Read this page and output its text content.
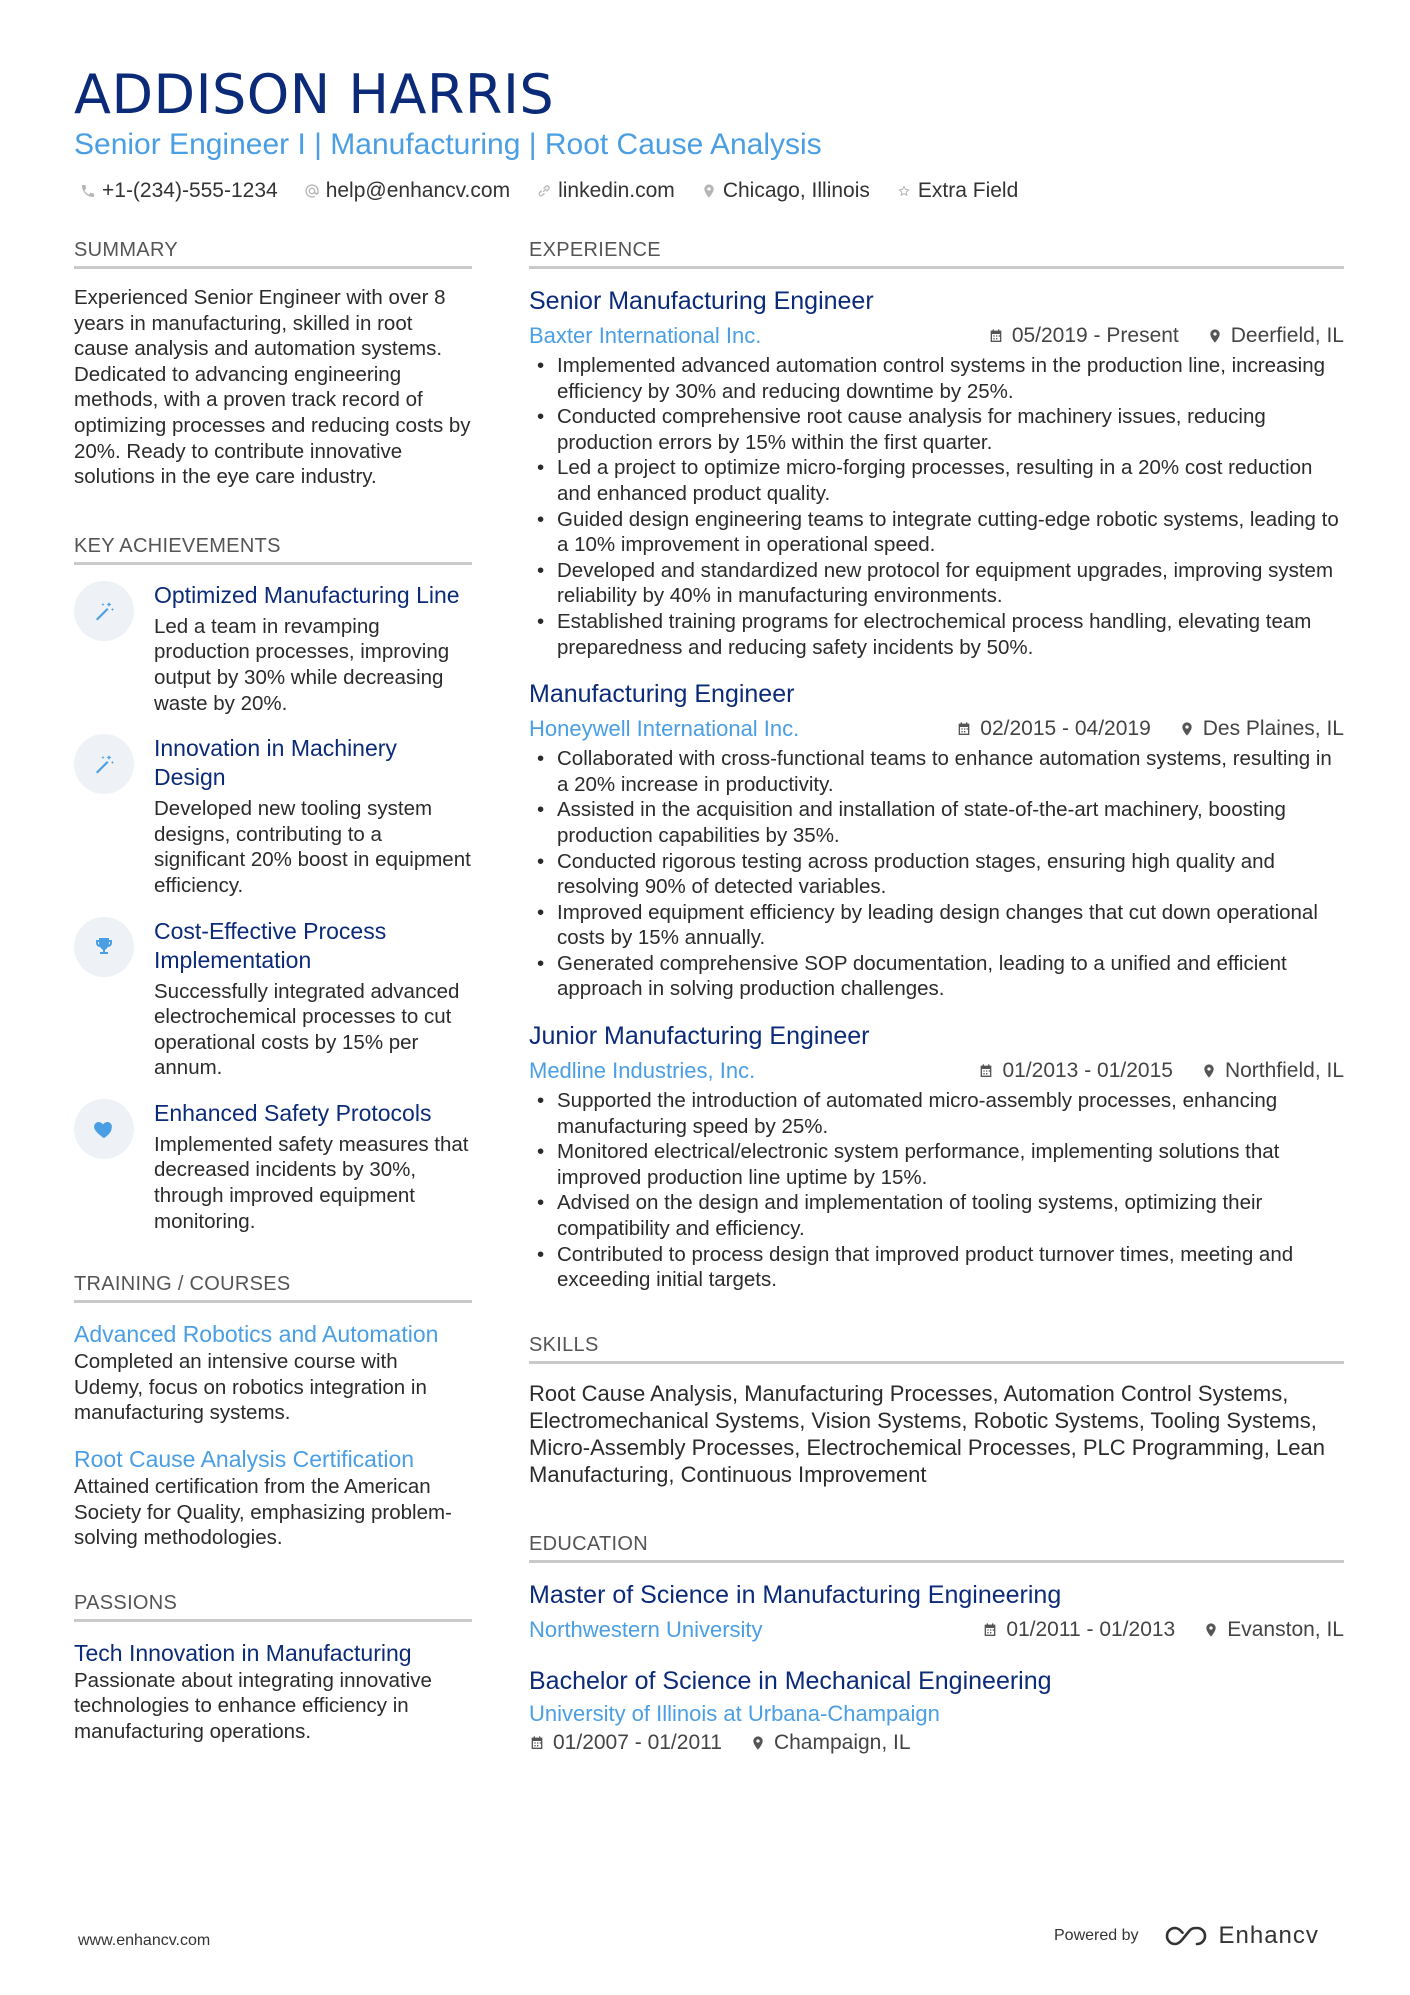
ADDISON HARRIS
Senior Engineer I | Manufacturing | Root Cause Analysis
+1-(234)-555-1234 help@enhancv.com linkedin.com Chicago, Illinois Extra Field
SUMMARY
Experienced Senior Engineer with over 8 years in manufacturing, skilled in root cause analysis and automation systems. Dedicated to advancing engineering methods, with a proven track record of optimizing processes and reducing costs by 20%. Ready to contribute innovative solutions in the eye care industry.
KEY ACHIEVEMENTS
Optimized Manufacturing Line
Led a team in revamping production processes, improving output by 30% while decreasing waste by 20%.
Innovation in Machinery Design
Developed new tooling system designs, contributing to a significant 20% boost in equipment efficiency.
Cost-Effective Process Implementation
Successfully integrated advanced electrochemical processes to cut operational costs by 15% per annum.
Enhanced Safety Protocols
Implemented safety measures that decreased incidents by 30%, through improved equipment monitoring.
TRAINING / COURSES
Advanced Robotics and Automation
Completed an intensive course with Udemy, focus on robotics integration in manufacturing systems.
Root Cause Analysis Certification
Attained certification from the American Society for Quality, emphasizing problem-solving methodologies.
PASSIONS
Tech Innovation in Manufacturing
Passionate about integrating innovative technologies to enhance efficiency in manufacturing operations.
EXPERIENCE
Senior Manufacturing Engineer
Baxter International Inc.	05/2019 - Present Deerfield, IL
• Implemented advanced automation control systems in the production line, increasing efficiency by 30% and reducing downtime by 25%.
• Conducted comprehensive root cause analysis for machinery issues, reducing production errors by 15% within the first quarter.
• Led a project to optimize micro-forging processes, resulting in a 20% cost reduction and enhanced product quality.
• Guided design engineering teams to integrate cutting-edge robotic systems, leading to a 10% improvement in operational speed.
• Developed and standardized new protocol for equipment upgrades, improving system reliability by 40% in manufacturing environments.
• Established training programs for electrochemical process handling, elevating team preparedness and reducing safety incidents by 50%.
Manufacturing Engineer
Honeywell International Inc.	02/2015 - 04/2019 Des Plaines, IL
• Collaborated with cross-functional teams to enhance automation systems, resulting in a 20% increase in productivity.
• Assisted in the acquisition and installation of state-of-the-art machinery, boosting production capabilities by 35%.
• Conducted rigorous testing across production stages, ensuring high quality and resolving 90% of detected variables.
• Improved equipment efficiency by leading design changes that cut down operational costs by 15% annually.
• Generated comprehensive SOP documentation, leading to a unified and efficient approach in solving production challenges.
Junior Manufacturing Engineer
Medline Industries, Inc.	01/2013 - 01/2015 Northfield, IL
• Supported the introduction of automated micro-assembly processes, enhancing manufacturing speed by 25%.
• Monitored electrical/electronic system performance, implementing solutions that improved production line uptime by 15%.
• Advised on the design and implementation of tooling systems, optimizing their compatibility and efficiency.
• Contributed to process design that improved product turnover times, meeting and exceeding initial targets.
SKILLS
Root Cause Analysis, Manufacturing Processes, Automation Control Systems, Electromechanical Systems, Vision Systems, Robotic Systems, Tooling Systems, Micro-Assembly Processes, Electrochemical Processes, PLC Programming, Lean Manufacturing, Continuous Improvement
EDUCATION
Master of Science in Manufacturing Engineering
Northwestern University	01/2011 - 01/2013 Evanston, IL
Bachelor of Science in Mechanical Engineering
University of Illinois at Urbana-Champaign
01/2007 - 01/2011 Champaign, IL
www.enhancv.com	Powered by	Enhancv
